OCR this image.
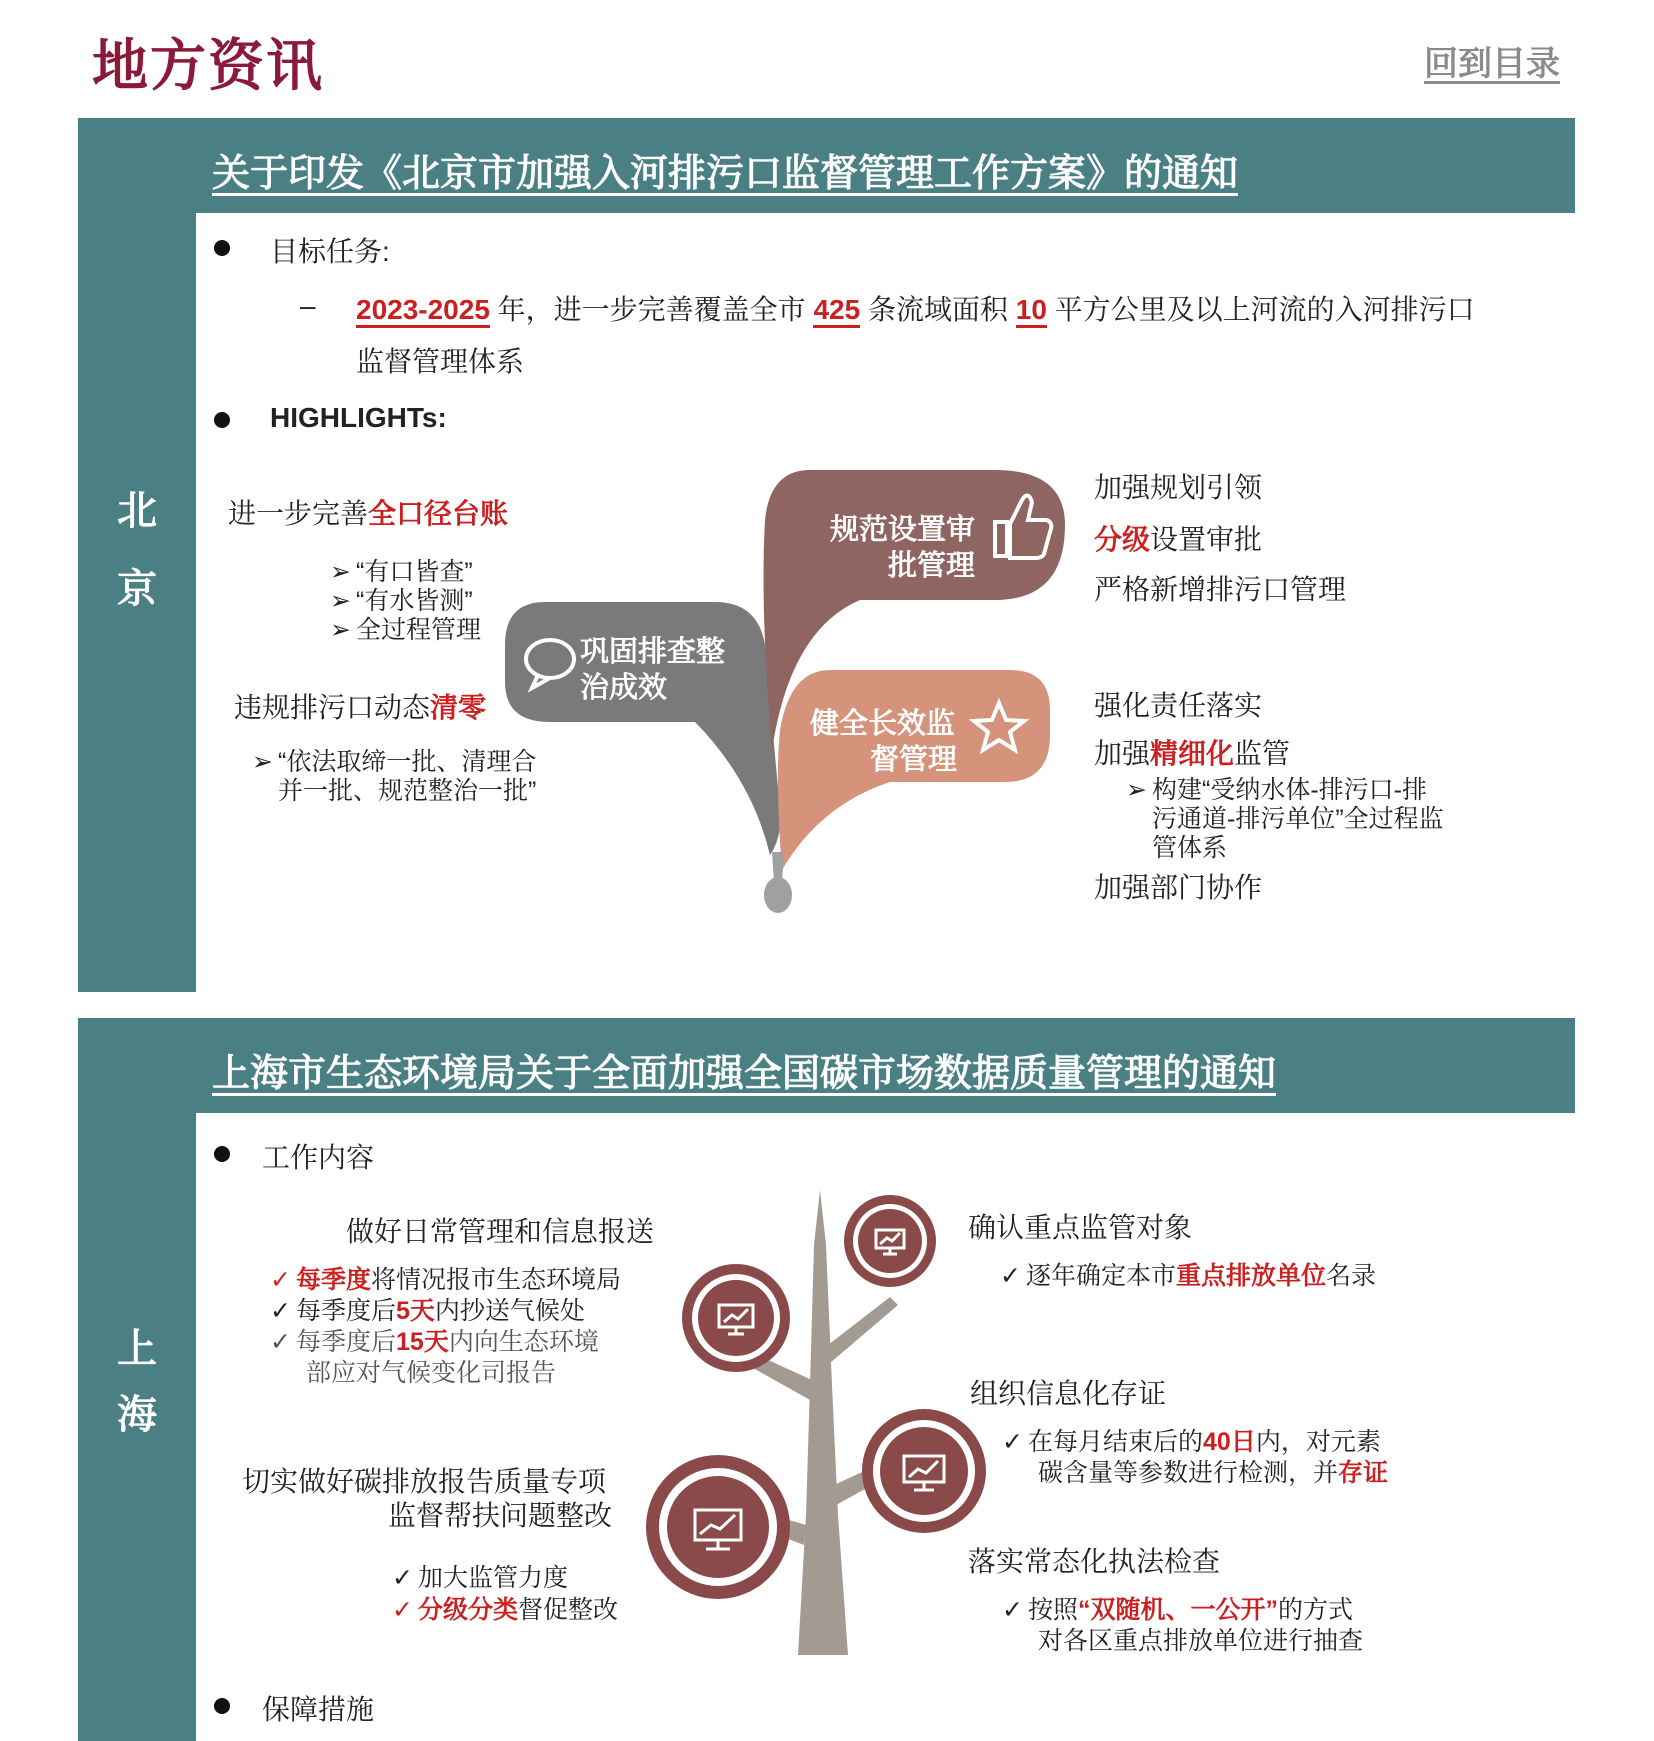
地方资讯	回到目录
关于印发《北京市加强入河排污口监督管理工作方案》的通知
北
京
目标任务:
– 2023-2025 年，进一步完善覆盖全市 425 条流域面积 10 平方公里及以上河流的入河排污口
监督管理体系
HIGHLIGHTs:
进一步完善全口径台账
➢ “有口皆查”
➢ “有水皆测”
➢ 全过程管理
违规排污口动态清零
➢ “依法取缔一批、清理合
并一批、规范整治一批”
规范设置审
批管理
巩固排查整
治成效
健全长效监
督管理
加强规划引领
分级设置审批
严格新增排污口管理
强化责任落实
加强精细化监管
➢ 构建“受纳水体-排污口-排
污通道-排污单位”全过程监
管体系
加强部门协作
上海市生态环境局关于全面加强全国碳市场数据质量管理的通知
上
海
工作内容
做好日常管理和信息报送
✓ 每季度将情况报市生态环境局
✓ 每季度后5天内抄送气候处
✓ 每季度后15天内向生态环境
部应对气候变化司报告
切实做好碳排放报告质量专项
监督帮扶问题整改
✓ 加大监管力度
✓ 分级分类督促整改
确认重点监管对象
✓ 逐年确定本市重点排放单位名录
组织信息化存证
✓ 在每月结束后的40日内，对元素
碳含量等参数进行检测，并存证
落实常态化执法检查
✓ 按照“双随机、一公开”的方式
对各区重点排放单位进行抽查
保障措施
